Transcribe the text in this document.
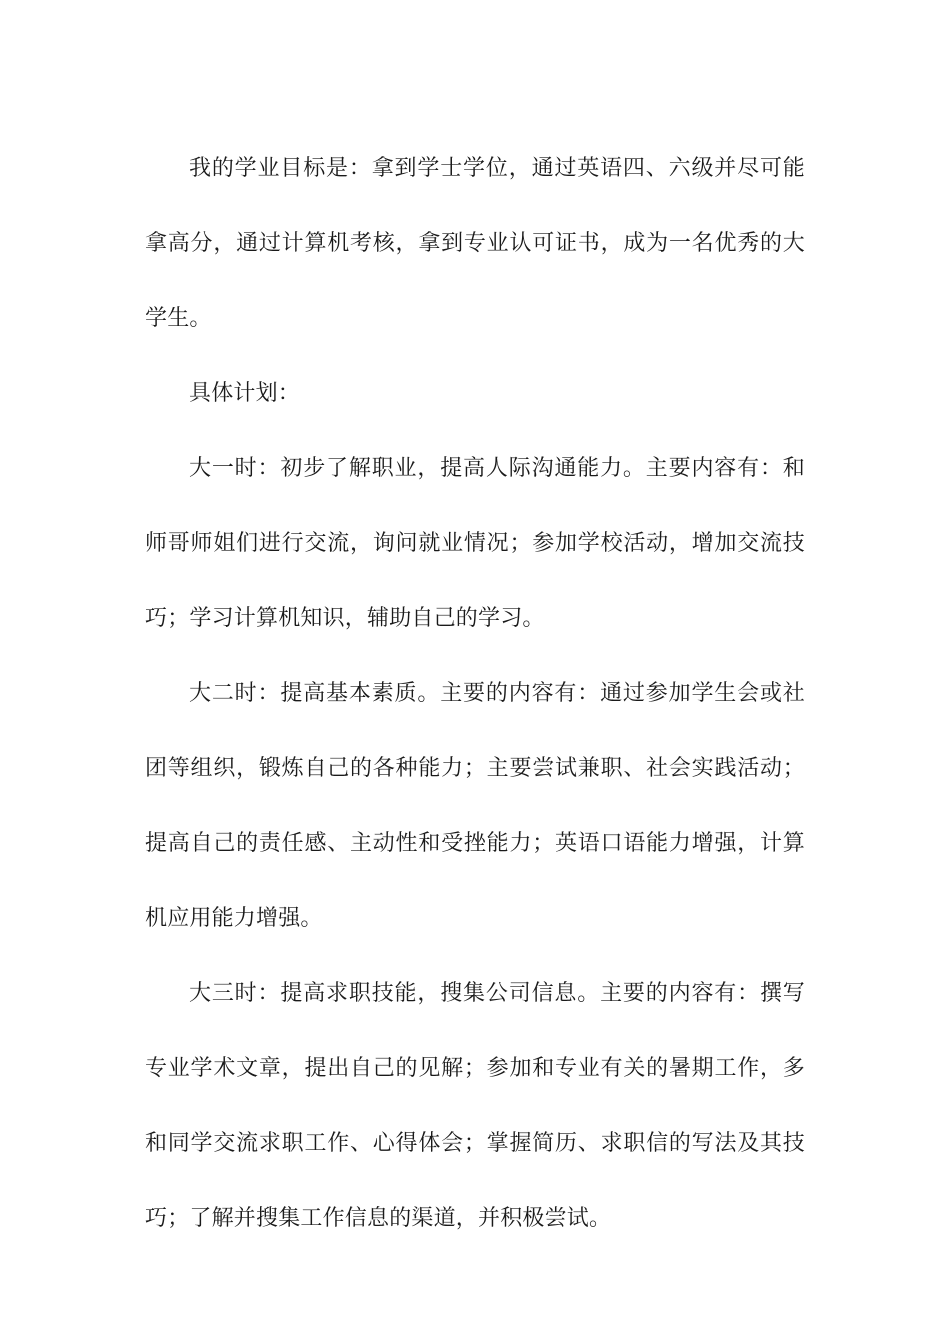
我的学业目标是：拿到学士学位，通过英语四、六级并尽可能拿高分，通过计算机考核，拿到专业认可证书，成为一名优秀的大学生。

具体计划：

大一时：初步了解职业，提高人际沟通能力。主要内容有：和师哥师姐们进行交流，询问就业情况；参加学校活动，增加交流技巧；学习计算机知识，辅助自己的学习。

大二时：提高基本素质。主要的内容有：通过参加学生会或社团等组织，锻炼自己的各种能力；主要尝试兼职、社会实践活动；提高自己的责任感、主动性和受挫能力；英语口语能力增强，计算机应用能力增强。

大三时：提高求职技能，搜集公司信息。主要的内容有：撰写专业学术文章，提出自己的见解；参加和专业有关的暑期工作，多和同学交流求职工作、心得体会；掌握简历、求职信的写法及其技巧；了解并搜集工作信息的渠道，并积极尝试。
